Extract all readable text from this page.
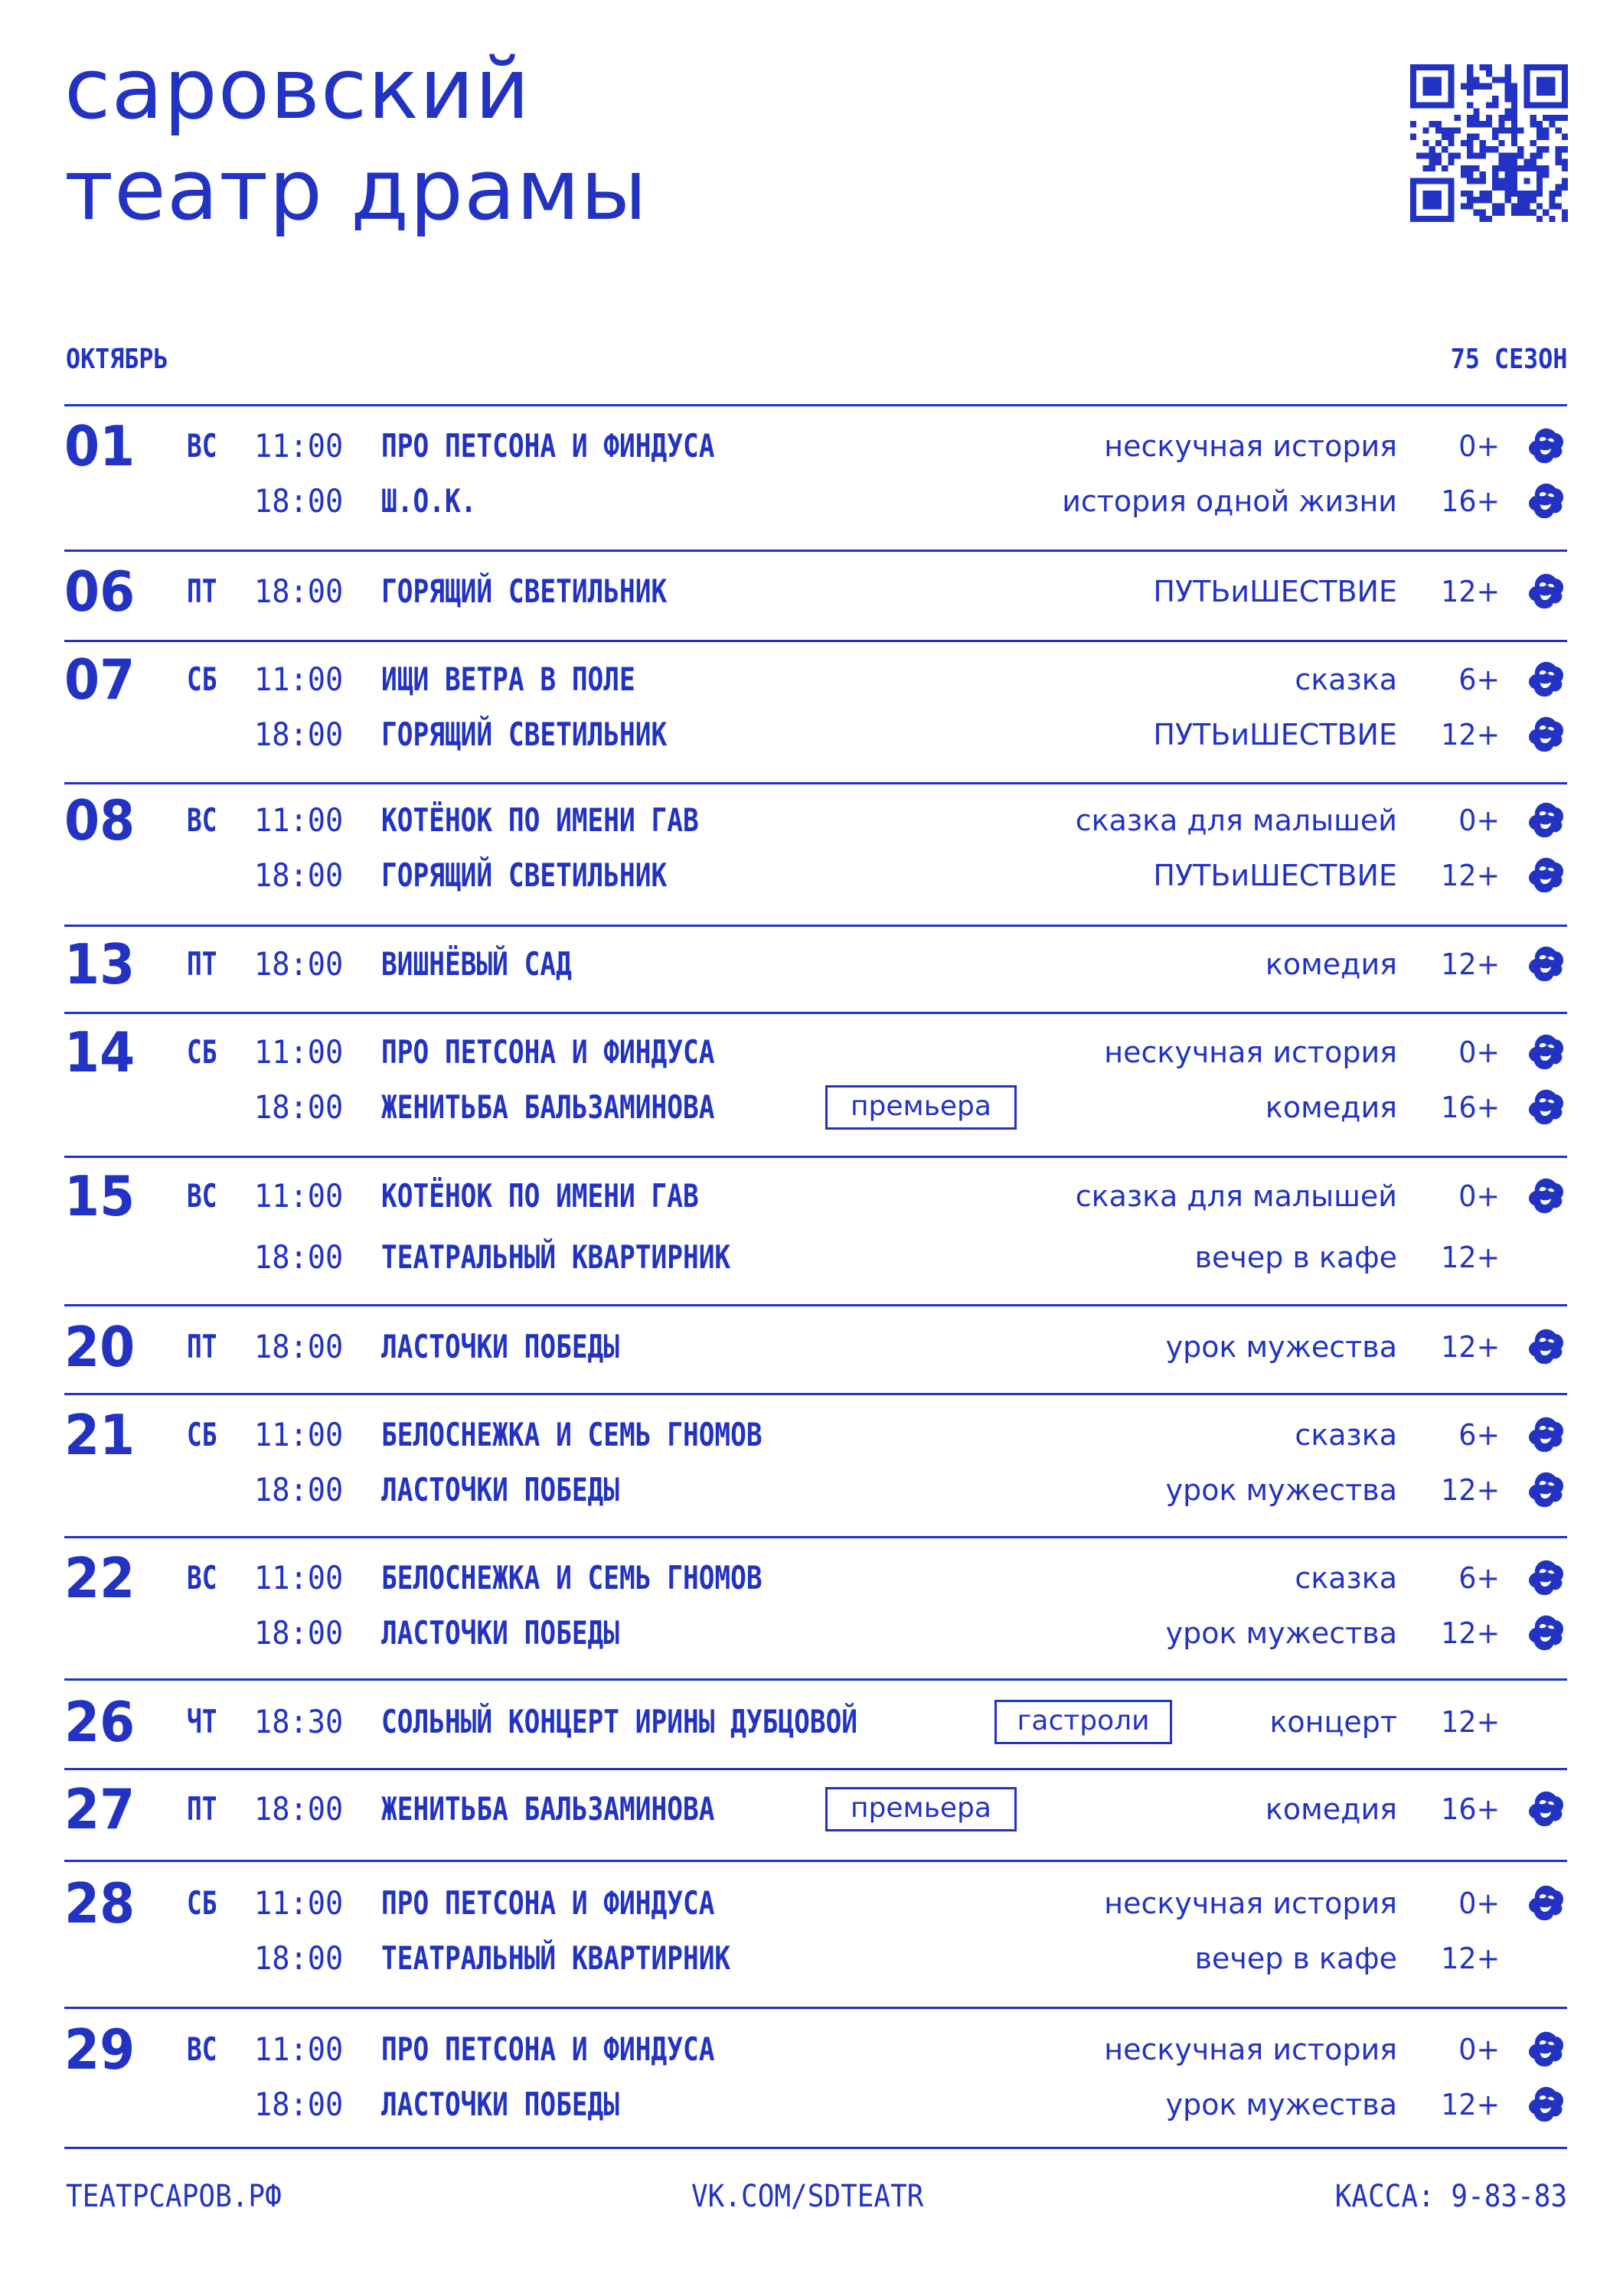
саровский
театр драмы
ОКТЯБРЬ	75 СЕЗОН
01 ВС 11:00 ПРО ПЕТСОНА И ФИНДУСА	нескучная история 0+
18:00 Ш.О.К.	история одной жизни 16+
06 ПТ 18:00 ГОРЯЩИЙ СВЕТИЛЬНИК	ПУТЬиШЕСТВИЕ 12+
07 СБ 11:00 ИЩИ ВЕТРА В ПОЛЕ	сказка 6+
18:00 ГОРЯЩИЙ СВЕТИЛЬНИК	ПУТЬиШЕСТВИЕ 12+
08 ВС 11:00 КОТЁНОК ПО ИМЕНИ ГАВ	сказка для малышей 0+
18:00 ГОРЯЩИЙ СВЕТИЛЬНИК	ПУТЬиШЕСТВИЕ 12+
13 ПТ 18:00 ВИШНЁВЫЙ САД	комедия 12+
14 СБ 11:00 ПРО ПЕТСОНА И ФИНДУСА	нескучная история 0+
18:00 ЖЕНИТЬБА БАЛЬЗАМИНОВА	премьера	комедия 16+
15 ВС 11:00 КОТЁНОК ПО ИМЕНИ ГАВ	сказка для малышей 0+
18:00 ТЕАТРАЛЬНЫЙ КВАРТИРНИК	вечер в кафе 12+
20 ПТ 18:00 ЛАСТОЧКИ ПОБЕДЫ	урок мужества 12+
21 СБ 11:00 БЕЛОСНЕЖКА И СЕМЬ ГНОМОВ	сказка 6+
18:00 ЛАСТОЧКИ ПОБЕДЫ	урок мужества 12+
22 ВС 11:00 БЕЛОСНЕЖКА И СЕМЬ ГНОМОВ	сказка 6+
18:00 ЛАСТОЧКИ ПОБЕДЫ	урок мужества 12+
26 ЧТ 18:30 СОЛЬНЫЙ КОНЦЕРТ ИРИНЫ ДУБЦОВОЙ	гастроли	концерт 12+
27 ПТ 18:00 ЖЕНИТЬБА БАЛЬЗАМИНОВА	премьера	комедия 16+
28 СБ 11:00 ПРО ПЕТСОНА И ФИНДУСА	нескучная история 0+
18:00 ТЕАТРАЛЬНЫЙ КВАРТИРНИК	вечер в кафе 12+
29 ВС 11:00 ПРО ПЕТСОНА И ФИНДУСА	нескучная история 0+
18:00 ЛАСТОЧКИ ПОБЕДЫ	урок мужества 12+
ТЕАТРСАРОВ.РФ	VK.COM/SDTEATR	КАССА: 9-83-83
